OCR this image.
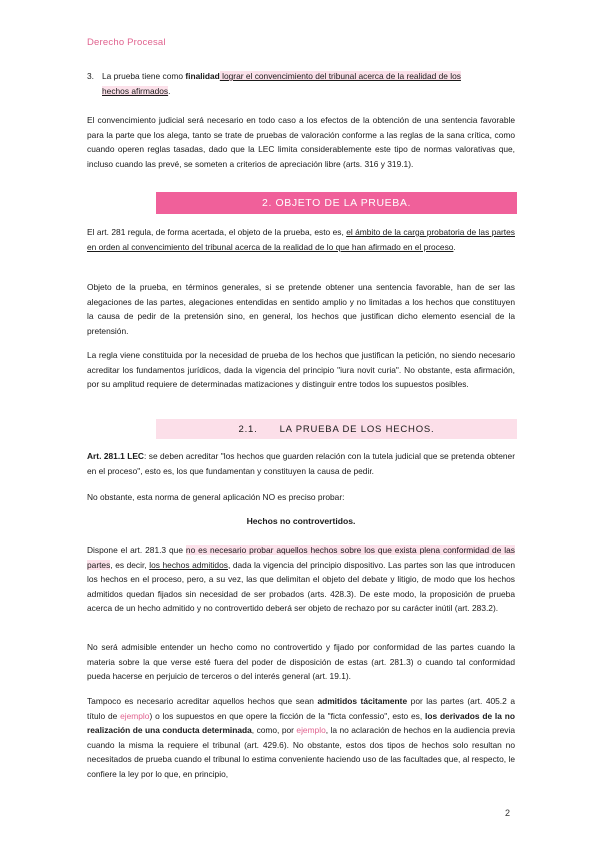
Derecho Procesal
3. La prueba tiene como finalidad lograr el convencimiento del tribunal acerca de la realidad de los
hechos afirmados.
El convencimiento judicial será necesario en todo caso a los efectos de la obtención de una sentencia favorable para la parte que los alega, tanto se trate de pruebas de valoración conforme a las reglas de la sana crítica, como cuando operen reglas tasadas, dado que la LEC limita considerablemente este tipo de normas valorativas que, incluso cuando las prevé, se someten a criterios de apreciación libre (arts. 316 y 319.1).
2. OBJETO DE LA PRUEBA.
El art. 281 regula, de forma acertada, el objeto de la prueba, esto es, el ámbito de la carga probatoria de las partes en orden al convencimiento del tribunal acerca de la realidad de lo que han afirmado en el proceso.
Objeto de la prueba, en términos generales, si se pretende obtener una sentencia favorable, han de ser las alegaciones de las partes, alegaciones entendidas en sentido amplio y no limitadas a los hechos que constituyen la causa de pedir de la pretensión sino, en general, los hechos que justifican dicho elemento esencial de la pretensión.
La regla viene constituida por la necesidad de prueba de los hechos que justifican la petición, no siendo necesario acreditar los fundamentos jurídicos, dada la vigencia del principio "iura novit curia". No obstante, esta afirmación, por su amplitud requiere de determinadas matizaciones y distinguir entre todos los supuestos posibles.
2.1. LA PRUEBA DE LOS HECHOS.
Art. 281.1 LEC: se deben acreditar "los hechos que guarden relación con la tutela judicial que se pretenda obtener en el proceso", esto es, los que fundamentan y constituyen la causa de pedir.
No obstante, esta norma de general aplicación NO es preciso probar:
Hechos no controvertidos.
Dispone el art. 281.3 que no es necesario probar aquellos hechos sobre los que exista plena conformidad de las partes, es decir, los hechos admitidos, dada la vigencia del principio dispositivo. Las partes son las que introducen los hechos en el proceso, pero, a su vez, las que delimitan el objeto del debate y litigio, de modo que los hechos admitidos quedan fijados sin necesidad de ser probados (arts. 428.3). De este modo, la proposición de prueba acerca de un hecho admitido y no controvertido deberá ser objeto de rechazo por su carácter inútil (art. 283.2).
No será admisible entender un hecho como no controvertido y fijado por conformidad de las partes cuando la materia sobre la que verse esté fuera del poder de disposición de estas (art. 281.3) o cuando tal conformidad pueda hacerse en perjuicio de terceros o del interés general (art. 19.1).
Tampoco es necesario acreditar aquellos hechos que sean admitidos tácitamente por las partes (art. 405.2 a título de ejemplo) o los supuestos en que opere la ficción de la "ficta confessio", esto es, los derivados de la no realización de una conducta determinada, como, por ejemplo, la no aclaración de hechos en la audiencia previa cuando la misma la requiere el tribunal (art. 429.6). No obstante, estos dos tipos de hechos solo resultan no necesitados de prueba cuando el tribunal lo estima conveniente haciendo uso de las facultades que, al respecto, le confiere la ley por lo que, en principio,
2
